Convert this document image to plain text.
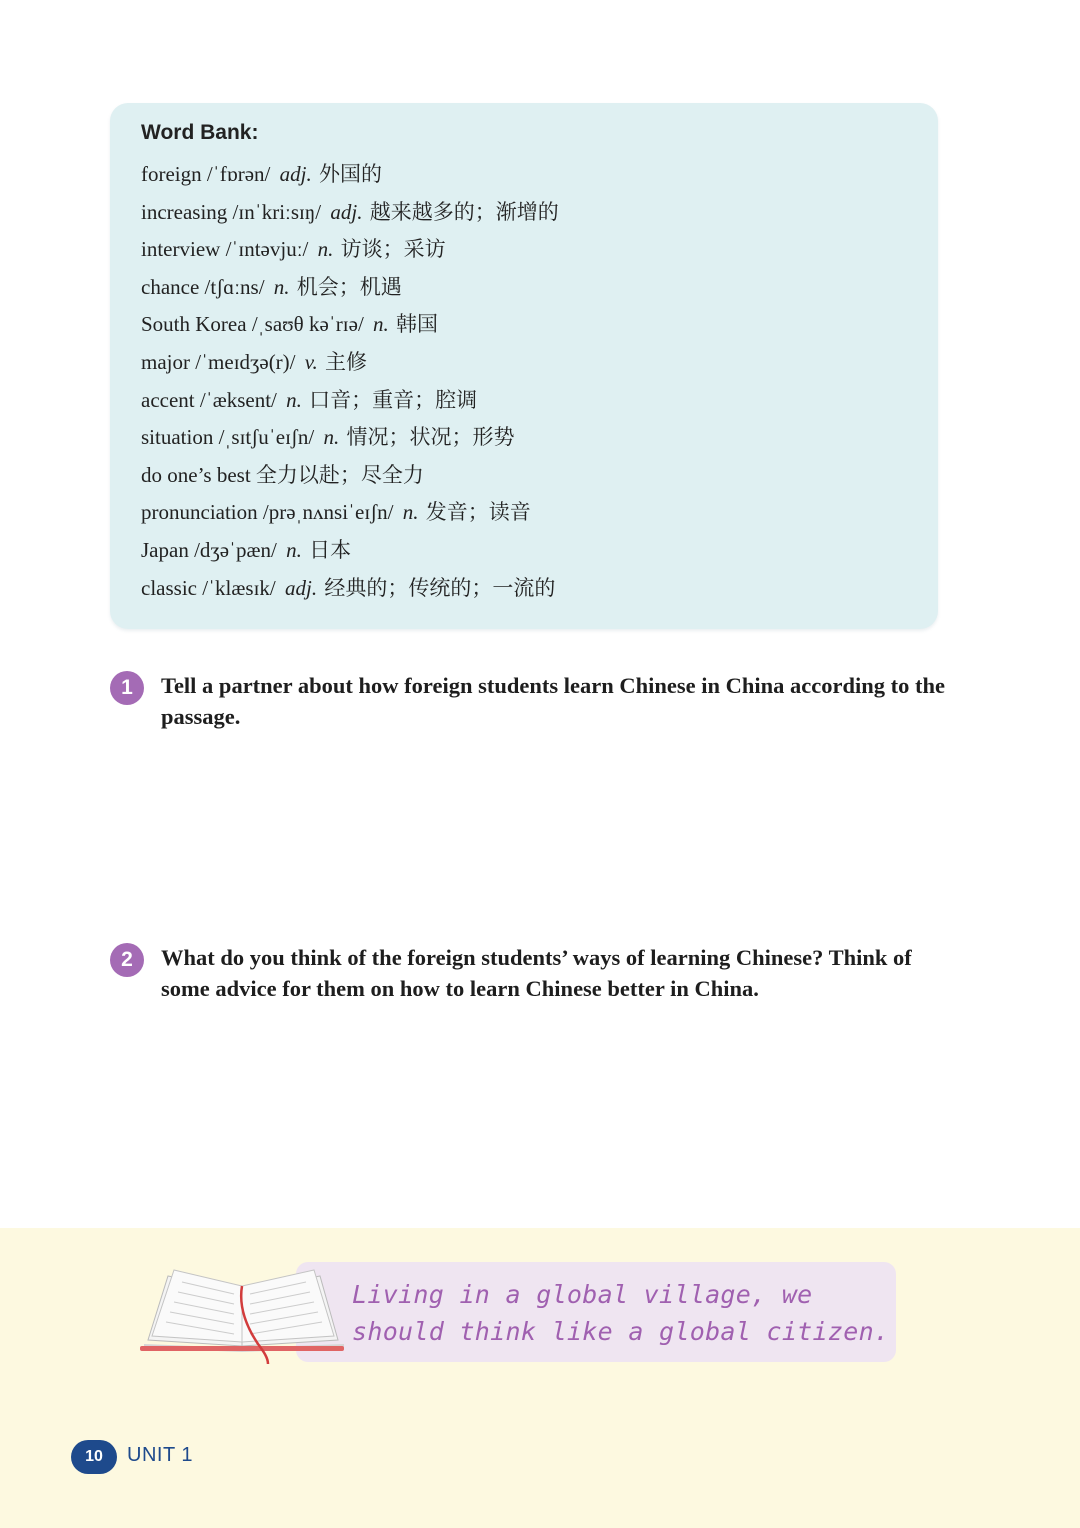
Word Bank:
foreign /ˈfɒrən/ adj. 外国的
increasing /ɪnˈkriːsɪŋ/ adj. 越来越多的；渐增的
interview /ˈɪntəvjuː/ n. 访谈；采访
chance /tʃɑːns/ n. 机会；机遇
South Korea /ˌsaʊθ kəˈrɪə/ n. 韩国
major /ˈmeɪdʒə(r)/ v. 主修
accent /ˈæksent/ n. 口音；重音；腔调
situation /ˌsɪtʃuˈeɪʃn/ n. 情况；状况；形势
do one’s best 全力以赴；尽全力
pronunciation /prəˌnʌnsiˈeɪʃn/ n. 发音；读音
Japan /dʒəˈpæn/ n. 日本
classic /ˈklæsɪk/ adj. 经典的；传统的；一流的
1	Tell a partner about how foreign students learn Chinese in China according to the passage.
2	What do you think of the foreign students’ ways of learning Chinese? Think of some advice for them on how to learn Chinese better in China.
Living in a global village, we should think like a global citizen.
10	UNIT 1
